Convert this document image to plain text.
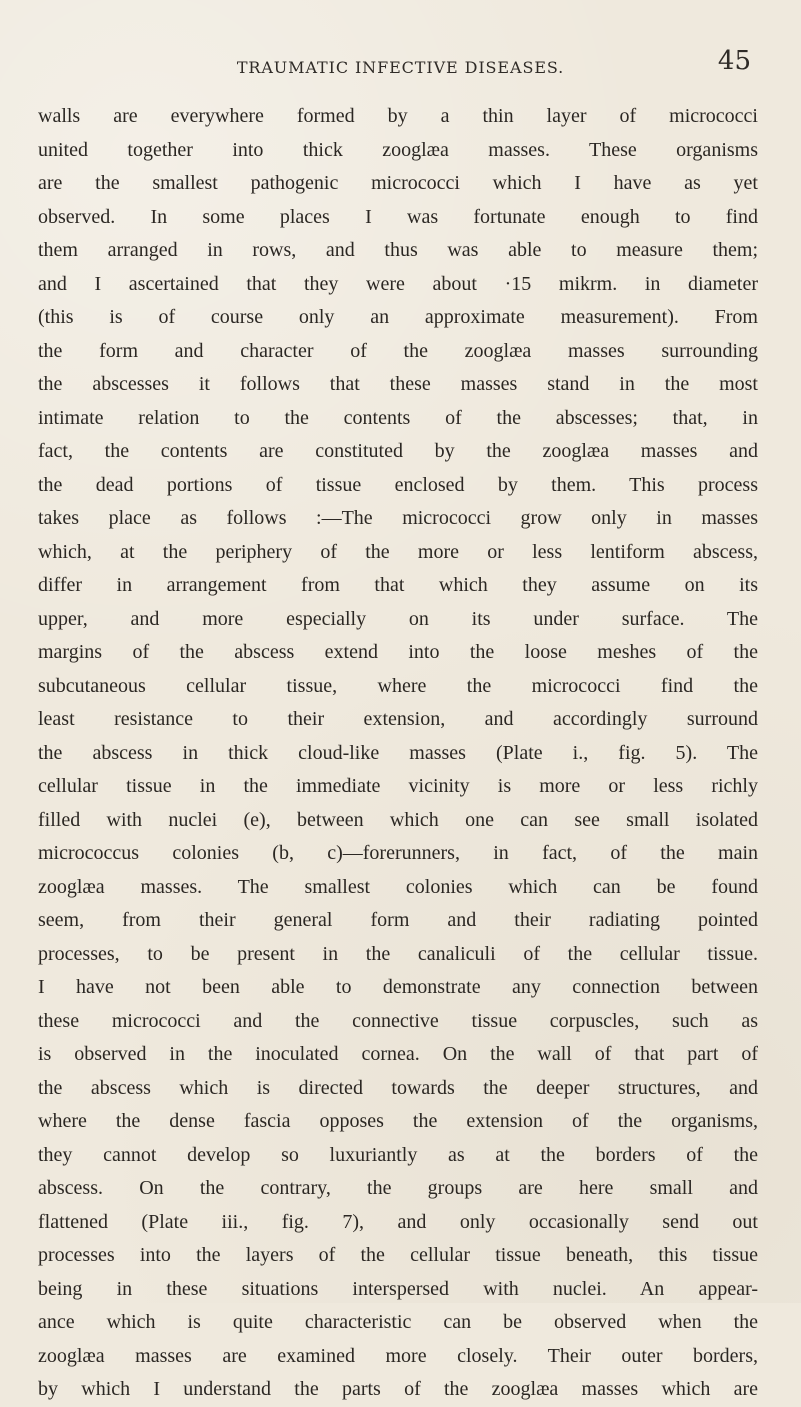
TRAUMATIC INFECTIVE DISEASES.	45
walls are everywhere formed by a thin layer of micrococci
united together into thick zooglæa masses. These organisms
are the smallest pathogenic micrococci which I have as yet
observed. In some places I was fortunate enough to find
them arranged in rows, and thus was able to measure them;
and I ascertained that they were about ·15 mikrm. in diameter
(this is of course only an approximate measurement). From
the form and character of the zooglæa masses surrounding
the abscesses it follows that these masses stand in the most
intimate relation to the contents of the abscesses; that, in
fact, the contents are constituted by the zooglæa masses and
the dead portions of tissue enclosed by them. This process
takes place as follows :—The micrococci grow only in masses
which, at the periphery of the more or less lentiform abscess,
differ in arrangement from that which they assume on its
upper, and more especially on its under surface. The
margins of the abscess extend into the loose meshes of the
subcutaneous cellular tissue, where the micrococci find the
least resistance to their extension, and accordingly surround
the abscess in thick cloud-like masses (Plate i., fig. 5). The
cellular tissue in the immediate vicinity is more or less richly
filled with nuclei (e), between which one can see small isolated
micrococcus colonies (b, c)—forerunners, in fact, of the main
zooglæa masses. The smallest colonies which can be found
seem, from their general form and their radiating pointed
processes, to be present in the canaliculi of the cellular tissue.
I have not been able to demonstrate any connection between
these micrococci and the connective tissue corpuscles, such as
is observed in the inoculated cornea. On the wall of that part of
the abscess which is directed towards the deeper structures, and
where the dense fascia opposes the extension of the organisms,
they cannot develop so luxuriantly as at the borders of the
abscess. On the contrary, the groups are here small and
flattened (Plate iii., fig. 7), and only occasionally send out
processes into the layers of the cellular tissue beneath, this tissue
being in these situations interspersed with nuclei. An appear-
ance which is quite characteristic can be observed when the
zooglæa masses are examined more closely. Their outer borders,
by which I understand the parts of the zooglæa masses which are
